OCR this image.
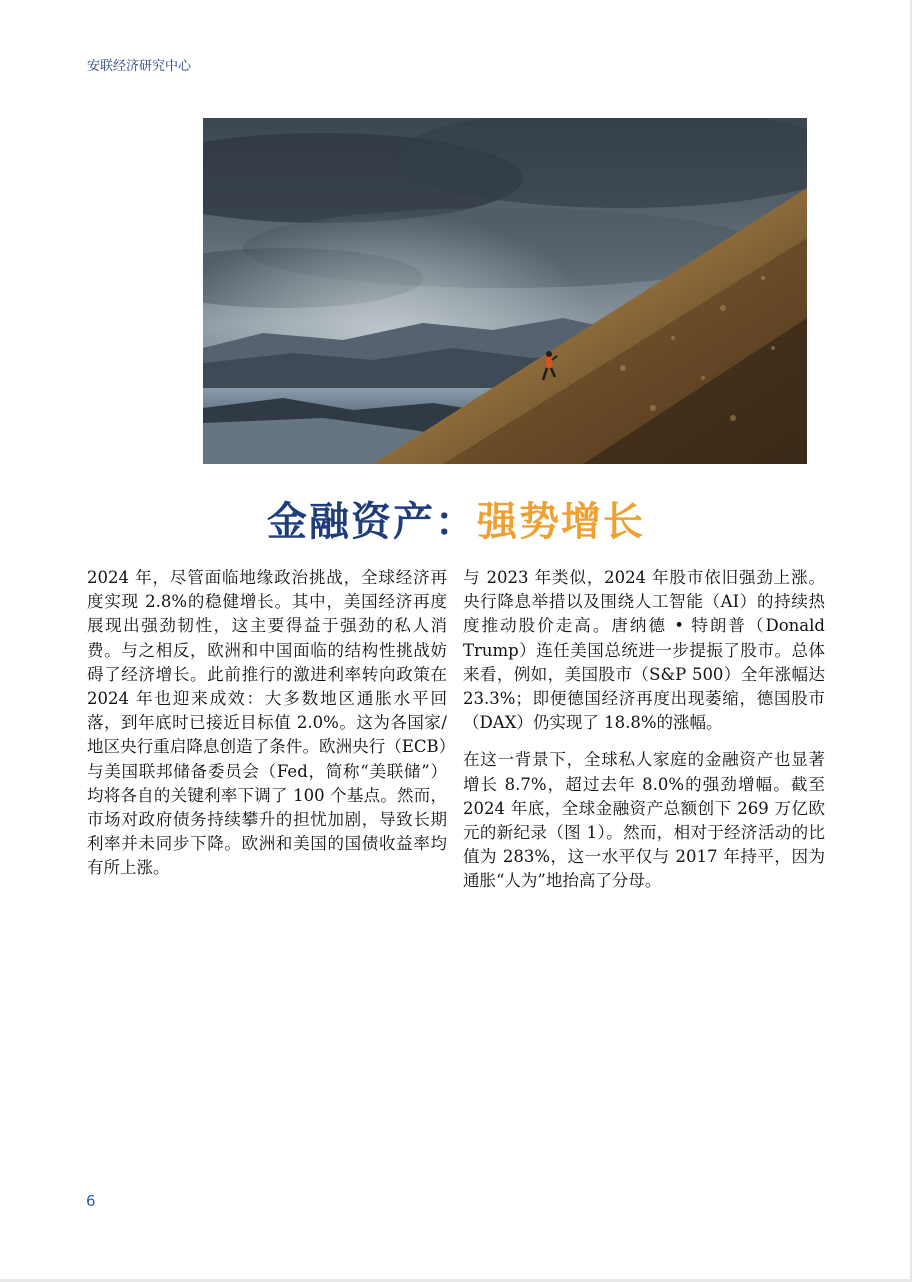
安联经济研究中心
金融资产：强势增长

2024 年，尽管面临地缘政治挑战，全球经济再度实现 2.8%的稳健增长。其中，美国经济再度展现出强劲韧性，这主要得益于强劲的私人消费。与之相反，欧洲和中国面临的结构性挑战妨碍了经济增长。此前推行的激进利率转向政策在 2024 年也迎来成效：大多数地区通胀水平回落，到年底时已接近目标值 2.0%。这为各国家/地区央行重启降息创造了条件。欧洲央行（ECB）与美国联邦储备委员会（Fed，简称“美联储”）均将各自的关键利率下调了 100 个基点。然而，市场对政府债务持续攀升的担忧加剧，导致长期利率并未同步下降。欧洲和美国的国债收益率均有所上涨。

与 2023 年类似，2024 年股市依旧强劲上涨。央行降息举措以及围绕人工智能（AI）的持续热度推动股价走高。唐纳德 • 特朗普（Donald Trump）连任美国总统进一步提振了股市。总体来看，例如，美国股市（S&P 500）全年涨幅达 23.3%；即便德国经济再度出现萎缩，德国股市（DAX）仍实现了 18.8%的涨幅。

在这一背景下，全球私人家庭的金融资产也显著增长 8.7%，超过去年 8.0%的强劲增幅。截至 2024 年底，全球金融资产总额创下 269 万亿欧元的新纪录（图 1）。然而，相对于经济活动的比值为 283%，这一水平仅与 2017 年持平，因为通胀“人为”地抬高了分母。

6
